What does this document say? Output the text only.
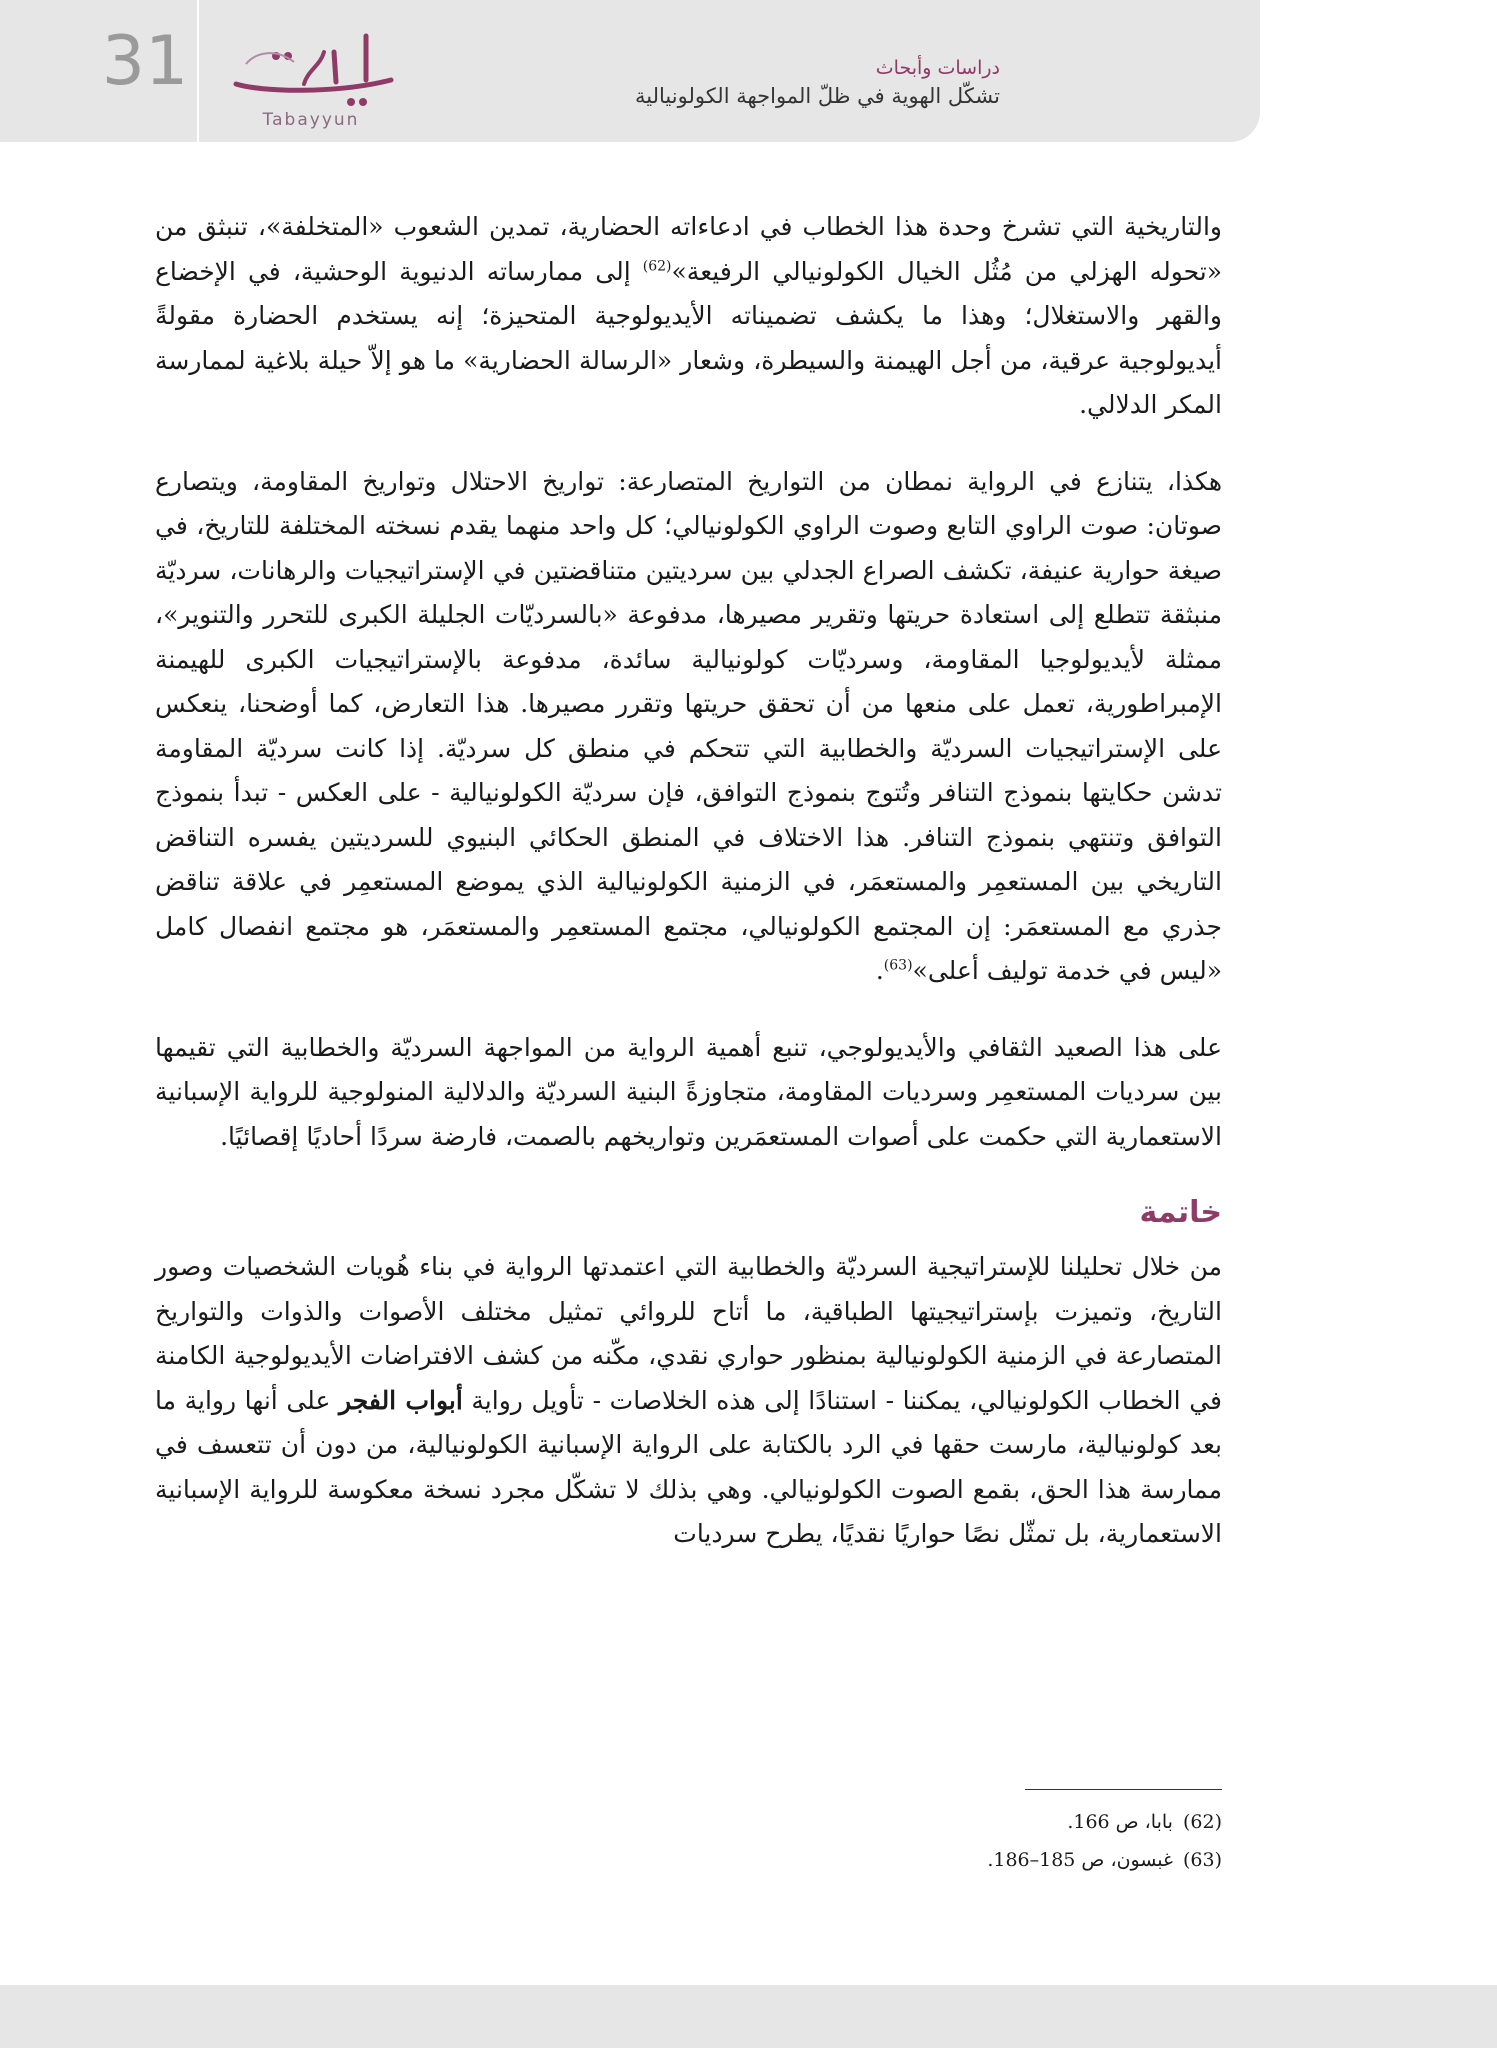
31
Tabayyun
دراسات وأبحاث
تشكّل الهوية في ظلّ المواجهة الكولونيالية

والتاريخية التي تشرخ وحدة هذا الخطاب في ادعاءاته الحضارية، تمدين الشعوب «المتخلفة»، تنبثق من «تحوله الهزلي من مُثُل الخيال الكولونيالي الرفيعة»$^{(62)}$ إلى ممارساته الدنيوية الوحشية، في الإخضاع والقهر والاستغلال؛ وهذا ما يكشف تضميناته الأيديولوجية المتحيزة؛ إنه يستخدم الحضارة مقولةً أيديولوجية عرقية، من أجل الهيمنة والسيطرة، وشعار «الرسالة الحضارية» ما هو إلاّ حيلة بلاغية لممارسة المكر الدلالي.

هكذا، يتنازع في الرواية نمطان من التواريخ المتصارعة: تواريخ الاحتلال وتواريخ المقاومة، ويتصارع صوتان: صوت الراوي التابع وصوت الراوي الكولونيالي؛ كل واحد منهما يقدم نسخته المختلفة للتاريخ، في صيغة حوارية عنيفة، تكشف الصراع الجدلي بين سرديتين متناقضتين في الإستراتيجيات والرهانات، سرديّة منبثقة تتطلع إلى استعادة حريتها وتقرير مصيرها، مدفوعة «بالسرديّات الجليلة الكبرى للتحرر والتنوير»، ممثلة لأيديولوجيا المقاومة، وسرديّات كولونيالية سائدة، مدفوعة بالإستراتيجيات الكبرى للهيمنة الإمبراطورية، تعمل على منعها من أن تحقق حريتها وتقرر مصيرها. هذا التعارض، كما أوضحنا، ينعكس على الإستراتيجيات السرديّة والخطابية التي تتحكم في منطق كل سرديّة. إذا كانت سرديّة المقاومة تدشن حكايتها بنموذج التنافر وتُتوج بنموذج التوافق، فإن سرديّة الكولونيالية - على العكس - تبدأ بنموذج التوافق وتنتهي بنموذج التنافر. هذا الاختلاف في المنطق الحكائي البنيوي للسرديتين يفسره التناقض التاريخي بين المستعمِر والمستعمَر، في الزمنية الكولونيالية الذي يموضع المستعمِر في علاقة تناقض جذري مع المستعمَر: إن المجتمع الكولونيالي، مجتمع المستعمِر والمستعمَر، هو مجتمع انفصال كامل «ليس في خدمة توليف أعلى»$^{(63)}$.

على هذا الصعيد الثقافي والأيديولوجي، تنبع أهمية الرواية من المواجهة السرديّة والخطابية التي تقيمها بين سرديات المستعمِر وسرديات المقاومة، متجاوزةً البنية السرديّة والدلالية المنولوجية للرواية الإسبانية الاستعمارية التي حكمت على أصوات المستعمَرين وتواريخهم بالصمت، فارضة سردًا أحاديًا إقصائيًا.

خاتمة

من خلال تحليلنا للإستراتيجية السرديّة والخطابية التي اعتمدتها الرواية في بناء هُويات الشخصيات وصور التاريخ، وتميزت بإستراتيجيتها الطباقية، ما أتاح للروائي تمثيل مختلف الأصوات والذوات والتواريخ المتصارعة في الزمنية الكولونيالية بمنظور حواري نقدي، مكّنه من كشف الافتراضات الأيديولوجية الكامنة في الخطاب الكولونيالي، يمكننا - استنادًا إلى هذه الخلاصات - تأويل رواية أبواب الفجر على أنها رواية ما بعد كولونيالية، مارست حقها في الرد بالكتابة على الرواية الإسبانية الكولونيالية، من دون أن تتعسف في ممارسة هذا الحق، بقمع الصوت الكولونيالي. وهي بذلك لا تشكّل مجرد نسخة معكوسة للرواية الإسبانية الاستعمارية، بل تمثّل نصًا حواريًا نقديًا، يطرح سرديات

(62)بابا، ص 166.
(63)غبسون، ص 185–186.
